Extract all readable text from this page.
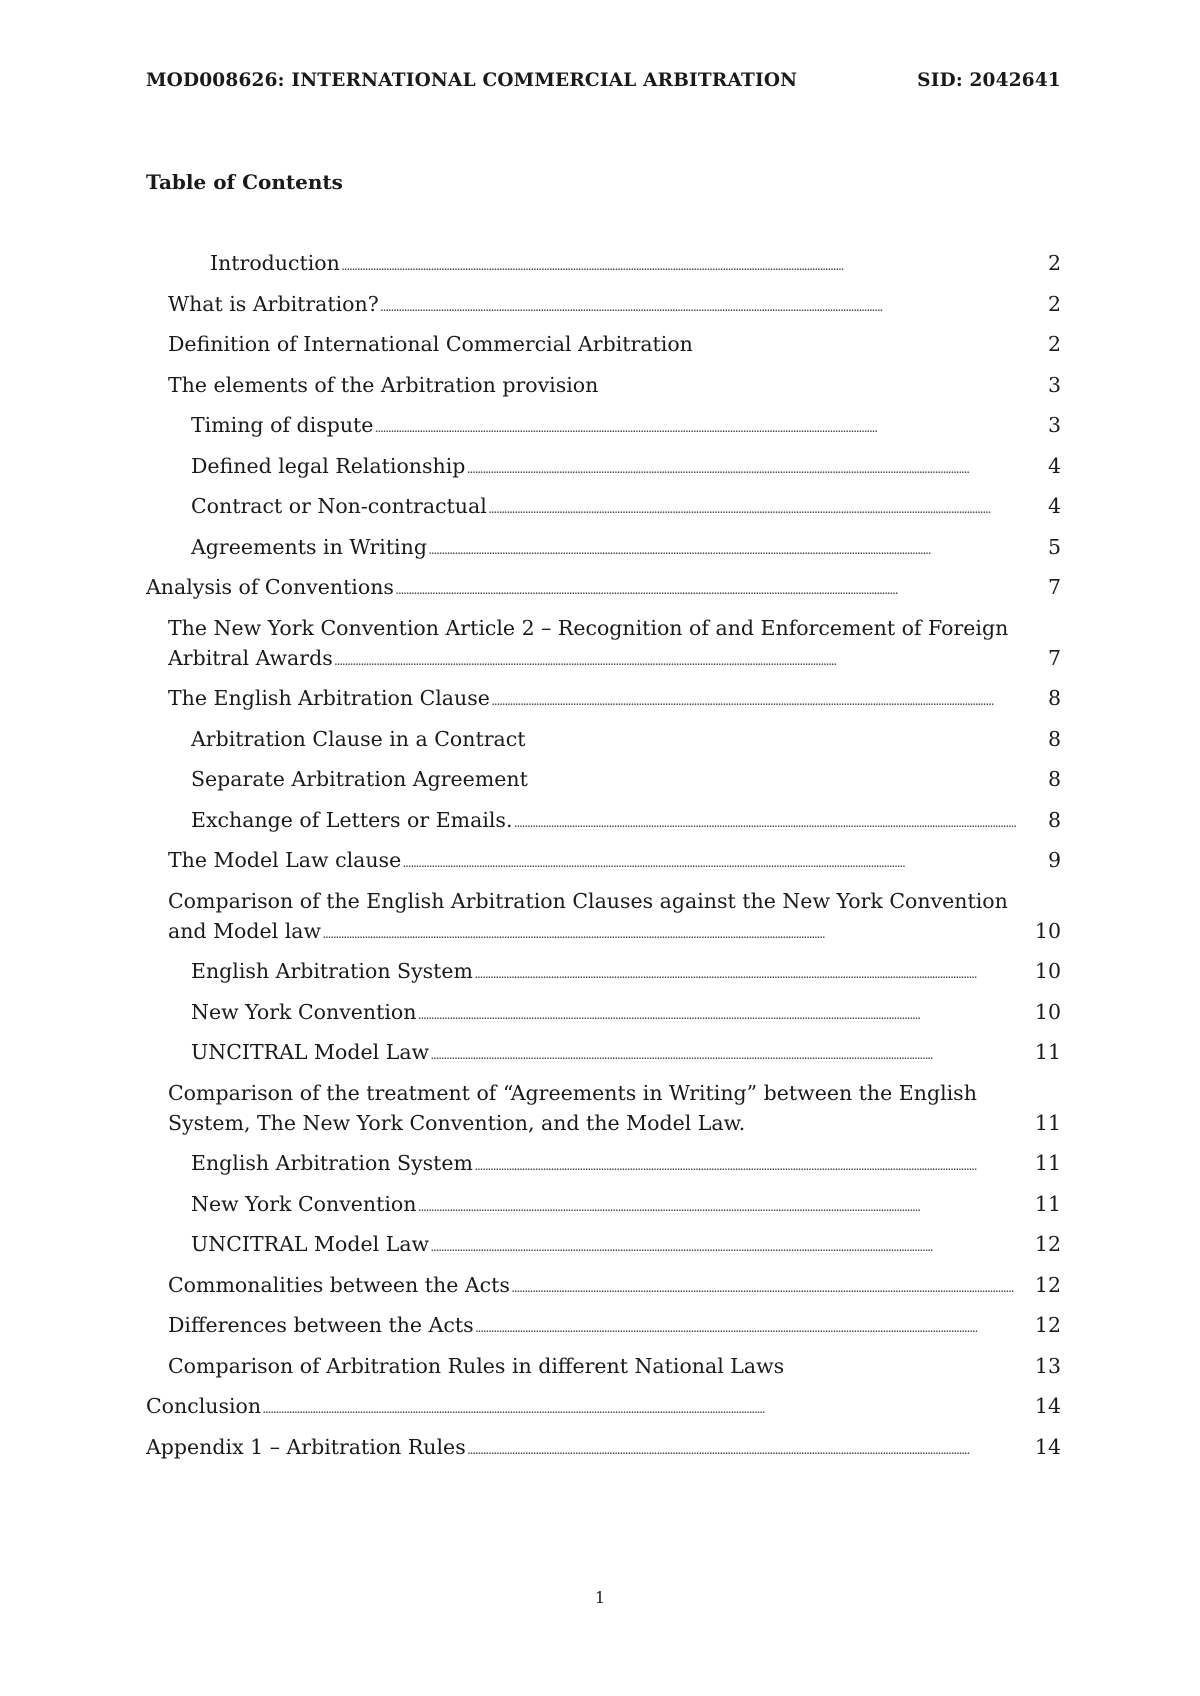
MOD008626: INTERNATIONAL COMMERCIAL ARBITRATION	SID: 2042641
Table of Contents
Introduction . . .	2
What is Arbitration? . . .	2
Definition of International Commercial Arbitration	2
The elements of the Arbitration provision	3
Timing of dispute . . .	3
Defined legal Relationship . . .	4
Contract or Non-contractual . . .	4
Agreements in Writing . . .	5
Analysis of Conventions . . .	7
The New York Convention Article 2 – Recognition of and Enforcement of Foreign Arbitral Awards . . .	7
The English Arbitration Clause . . .	8
Arbitration Clause in a Contract	8
Separate Arbitration Agreement	8
Exchange of Letters or Emails. . . .	8
The Model Law clause . . .	9
Comparison of the English Arbitration Clauses against the New York Convention and Model law . . .	10
English Arbitration System . . .	10
New York Convention . . .	10
UNCITRAL Model Law . . .	11
Comparison of the treatment of “Agreements in Writing” between the English System, The New York Convention, and the Model Law.	11
English Arbitration System . . .	11
New York Convention . . .	11
UNCITRAL Model Law . . .	12
Commonalities between the Acts . . .	12
Differences between the Acts . . .	12
Comparison of Arbitration Rules in different National Laws	13
Conclusion . . .	14
Appendix 1 – Arbitration Rules . . .	14
1
